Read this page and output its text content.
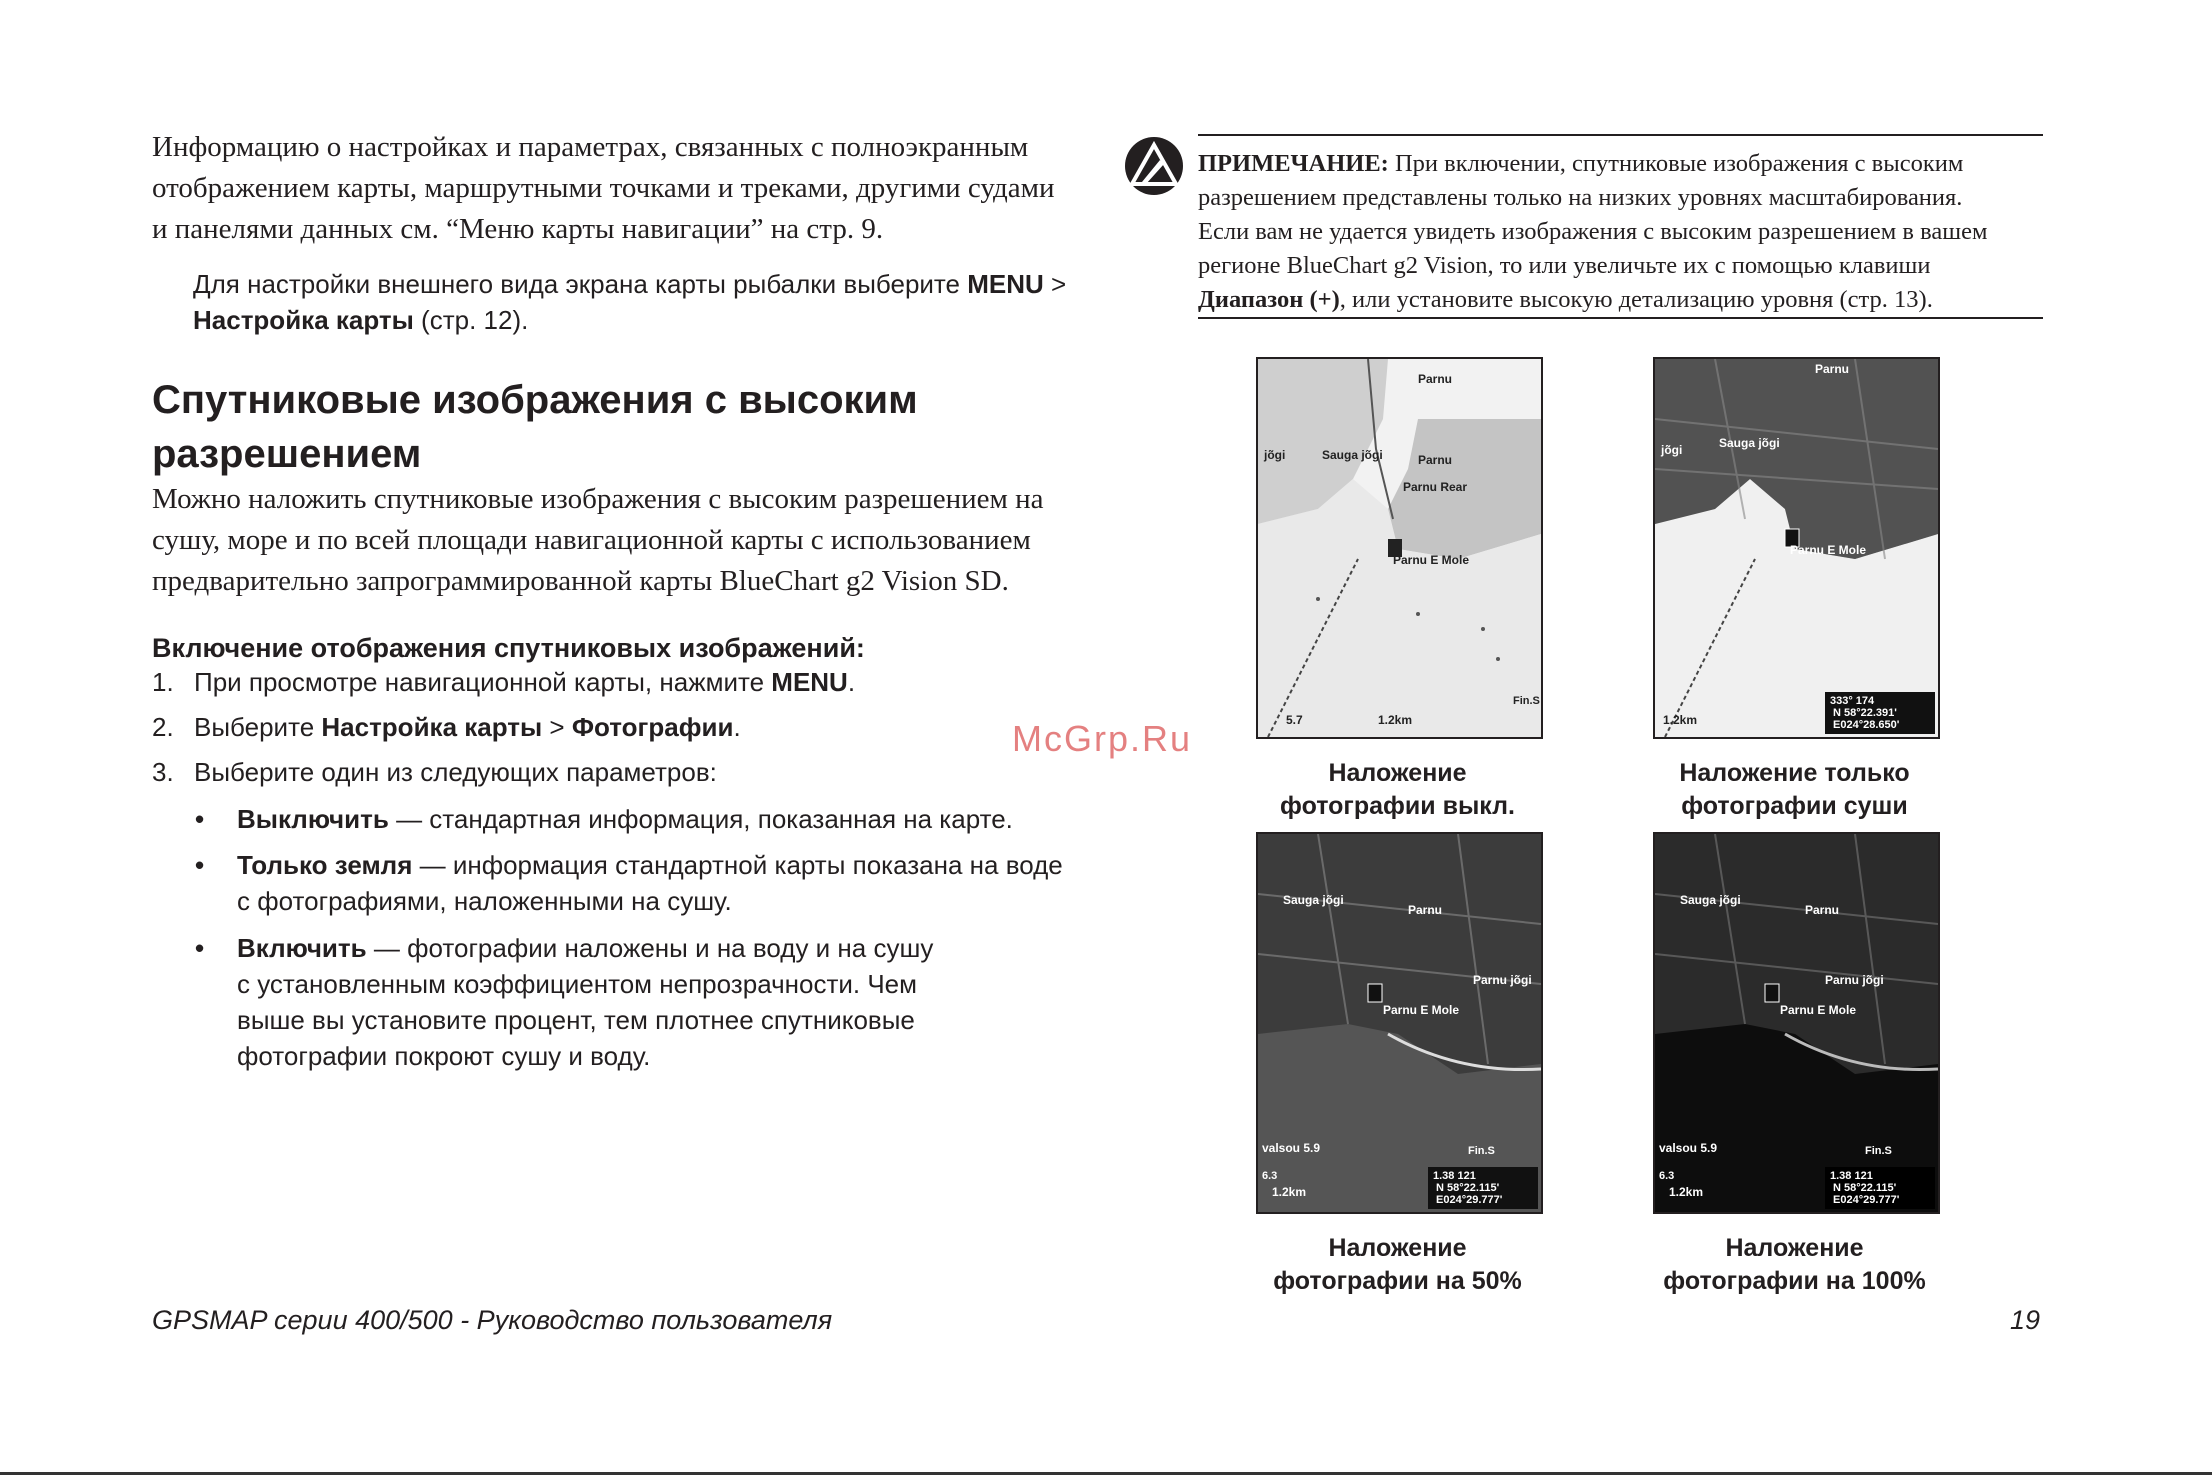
Информацию о настройках и параметрах, связанных с полноэкранным
отображением карты, маршрутными точками и треками, другими судами
и панелями данных см. “Меню карты навигации” на стр. 9.
Для настройки внешнего вида экрана карты рыбалки выберите MENU >
Настройка карты (стр. 12).
Спутниковые изображения с высоким
разрешением
Можно наложить спутниковые изображения с высоким разрешением на
сушу, море и по всей площади навигационной карты с использованием
предварительно запрограммированной карты BlueChart g2 Vision SD.
Включение отображения спутниковых изображений:
1. При просмотре навигационной карты, нажмите MENU.
2. Выберите Настройка карты > Фотографии.
3. Выберите один из следующих параметров:
• Выключить — стандартная информация, показанная на карте.
• Только земля — информация стандартной карты показана на воде
с фотографиями, наложенными на сушу.
• Включить — фотографии наложены и на воду и на сушу
с установленным коэффициентом непрозрачности. Чем
выше вы установите процент, тем плотнее спутниковые
фотографии покроют сушу и воду.
ПРИМЕЧАНИЕ: При включении, спутниковые изображения с высоким
разрешением представлены только на низких уровнях масштабирования.
Если вам не удается увидеть изображения с высоким разрешением в вашем
регионе BlueChart g2 Vision, то или увеличьте их с помощью клавиши
Диапазон (+), или установите высокую детализацию уровня (стр. 13).
Parnu
Sauga jõgi	Parnu
Parnu Rear
Parnu E Mole
jõgi
Fin.S
1.2km
5.7
Parnu
Sauga jõgi
Parnu E Mole
jõgi
333° 174
N 58°22.391'
E024°28.650'
1.2km
Sauga jõgi
Parnu
Parnu jõgi
Parnu E Mole
valsou 5.9	Fin.S
1.38 121
N 58°22.115'
E024°29.777'
6.3
1.2km
Sauga jõgi
Parnu
Parnu jõgi
Parnu E Mole
valsou 5.9	Fin.S
1.38 121
N 58°22.115'
E024°29.777'
6.3
1.2km
Наложение
фотографии выкл.
Наложение только
фотографии суши
Наложение
фотографии на 50%
Наложение
фотографии на 100%
McGrp.Ru
GPSMAP серии 400/500 - Руководство пользователя	19
